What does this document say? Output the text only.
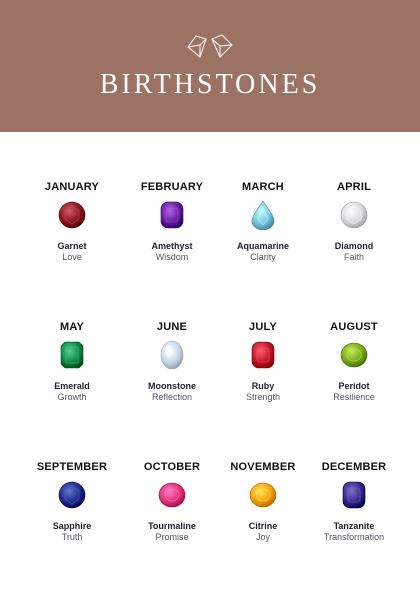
BIRTHSTONES
JANUARY
Garnet
Love
FEBRUARY
Amethyst
Wisdom
MARCH
Aquamarine
Clarity
APRIL
Diamond
Faith
MAY
Emerald
Growth
JUNE
Moonstone
Reflection
JULY
Ruby
Strength
AUGUST
Peridot
Resilience
SEPTEMBER
Sapphire
Truth
OCTOBER
Tourmaline
Promise
NOVEMBER
Citrine
Joy
DECEMBER
Tanzanite
Transformation
